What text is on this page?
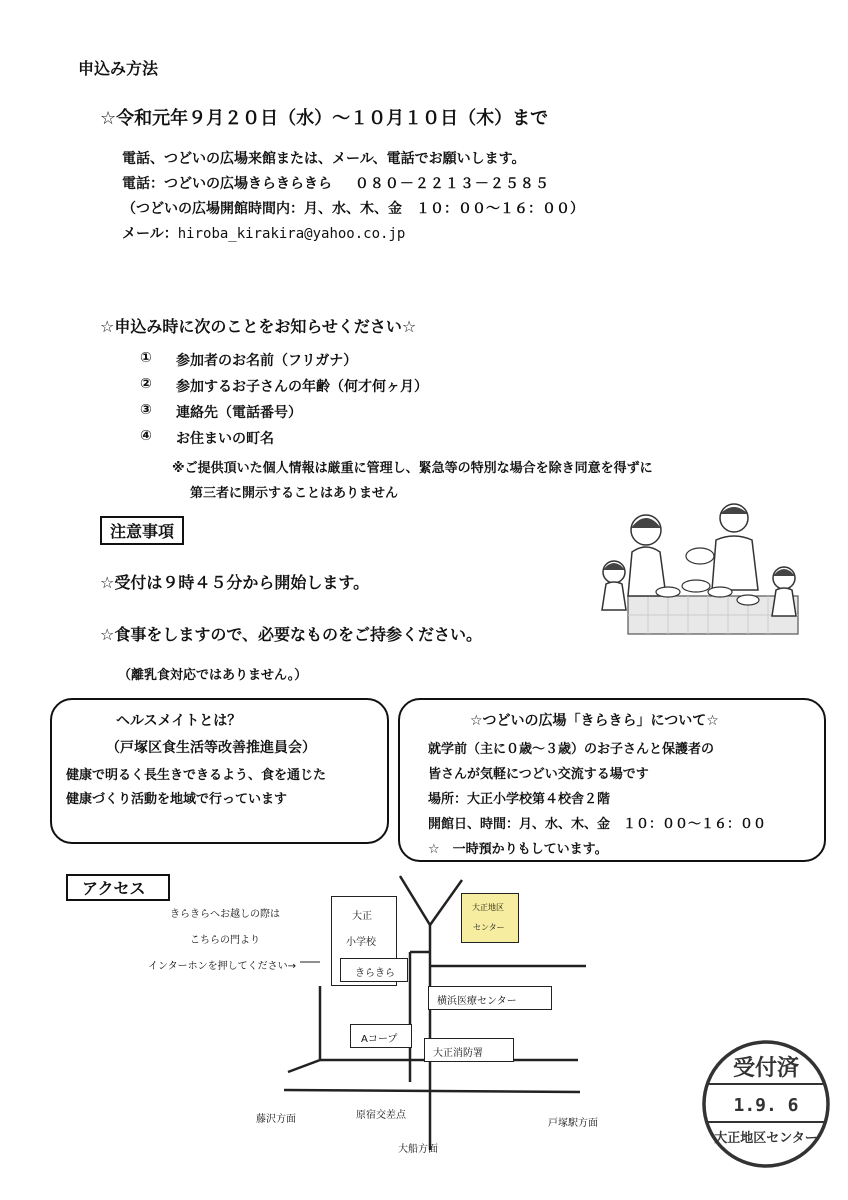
申込み方法
☆令和元年９月２０日（水）～１０月１０日（木）まで
電話、つどいの広場来館または、メール、電話でお願いします。
電話：つどいの広場きらきらきら ０８０－２２１３－２５８５
（つどいの広場開館時間内：月、水、木、金　１０：００～１６：００）
メール：hiroba_kirakira@yahoo.co.jp
☆申込み時に次のことをお知らせください☆
① 参加者のお名前（フリガナ）
② 参加するお子さんの年齢（何才何ヶ月）
③ 連絡先（電話番号）
④ お住まいの町名
※ご提供頂いた個人情報は厳重に管理し、緊急等の特別な場合を除き同意を得ずに
第三者に開示することはありません
注意事項
☆受付は９時４５分から開始します。
☆食事をしますので、必要なものをご持参ください。
（離乳食対応ではありません。）
ヘルスメイトとは？
（戸塚区食生活等改善推進員会）
健康で明るく長生きできるよう、食を通じた
健康づくり活動を地域で行っています
☆つどいの広場「きらきら」について☆
就学前（主に０歳～３歳）のお子さんと保護者の
皆さんが気軽につどい交流する場です
場所：大正小学校第４校舎２階
開館日、時間：月、水、木、金　１０：００～１６：００
☆　一時預かりもしています。
アクセス
きらきらへお越しの際は
こちらの門より
インターホンを押してください→
大正
小学校
きらきら
大正地区
センター
横浜医療センター
Aコープ
大正消防署
藤沢方面	原宿交差点
戸塚駅方面
大船方面
受付済
1.9. 6
大正地区センター
